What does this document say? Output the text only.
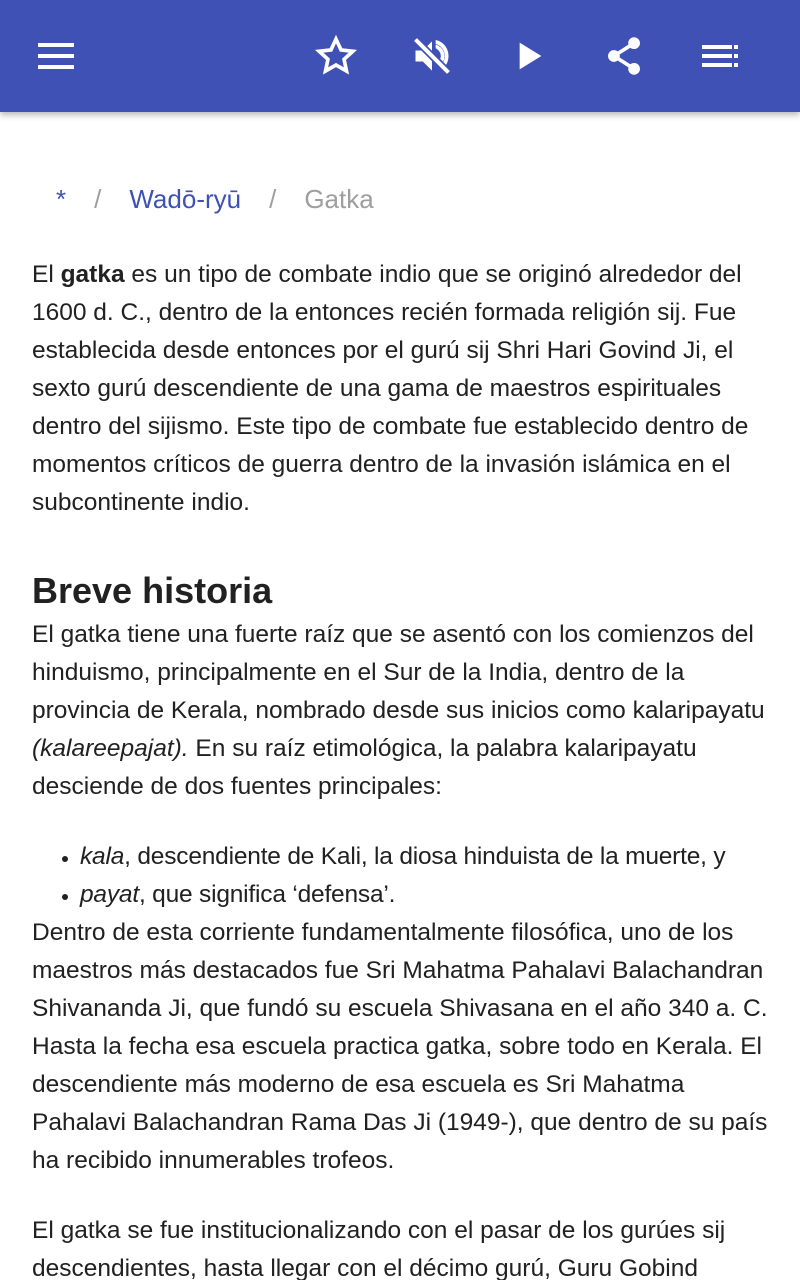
* / Wadō-ryū / Gatka

El gatka es un tipo de combate indio que se originó alrededor del 1600 d. C., dentro de la entonces recién formada religión sij. Fue establecida desde entonces por el gurú sij Shri Hari Govind Ji, el sexto gurú descendiente de una gama de maestros espirituales dentro del sijismo. Este tipo de combate fue establecido dentro de momentos críticos de guerra dentro de la invasión islámica en el subcontinente indio.

Breve historia

El gatka tiene una fuerte raíz que se asentó con los comienzos del hinduismo, principalmente en el Sur de la India, dentro de la provincia de Kerala, nombrado desde sus inicios como kalaripayatu (kalareepajat). En su raíz etimológica, la palabra kalaripayatu desciende de dos fuentes principales:

• kala, descendiente de Kali, la diosa hinduista de la muerte, y
• payat, que significa ‘defensa’.

Dentro de esta corriente fundamentalmente filosófica, uno de los maestros más destacados fue Sri Mahatma Pahalavi Balachandran Shivananda Ji, que fundó su escuela Shivasana en el año 340 a. C. Hasta la fecha esa escuela practica gatka, sobre todo en Kerala. El descendiente más moderno de esa escuela es Sri Mahatma Pahalavi Balachandran Rama Das Ji (1949-), que dentro de su país ha recibido innumerables trofeos.

El gatka se fue institucionalizando con el pasar de los gurúes sij descendientes, hasta llegar con el décimo gurú, Guru Gobind
